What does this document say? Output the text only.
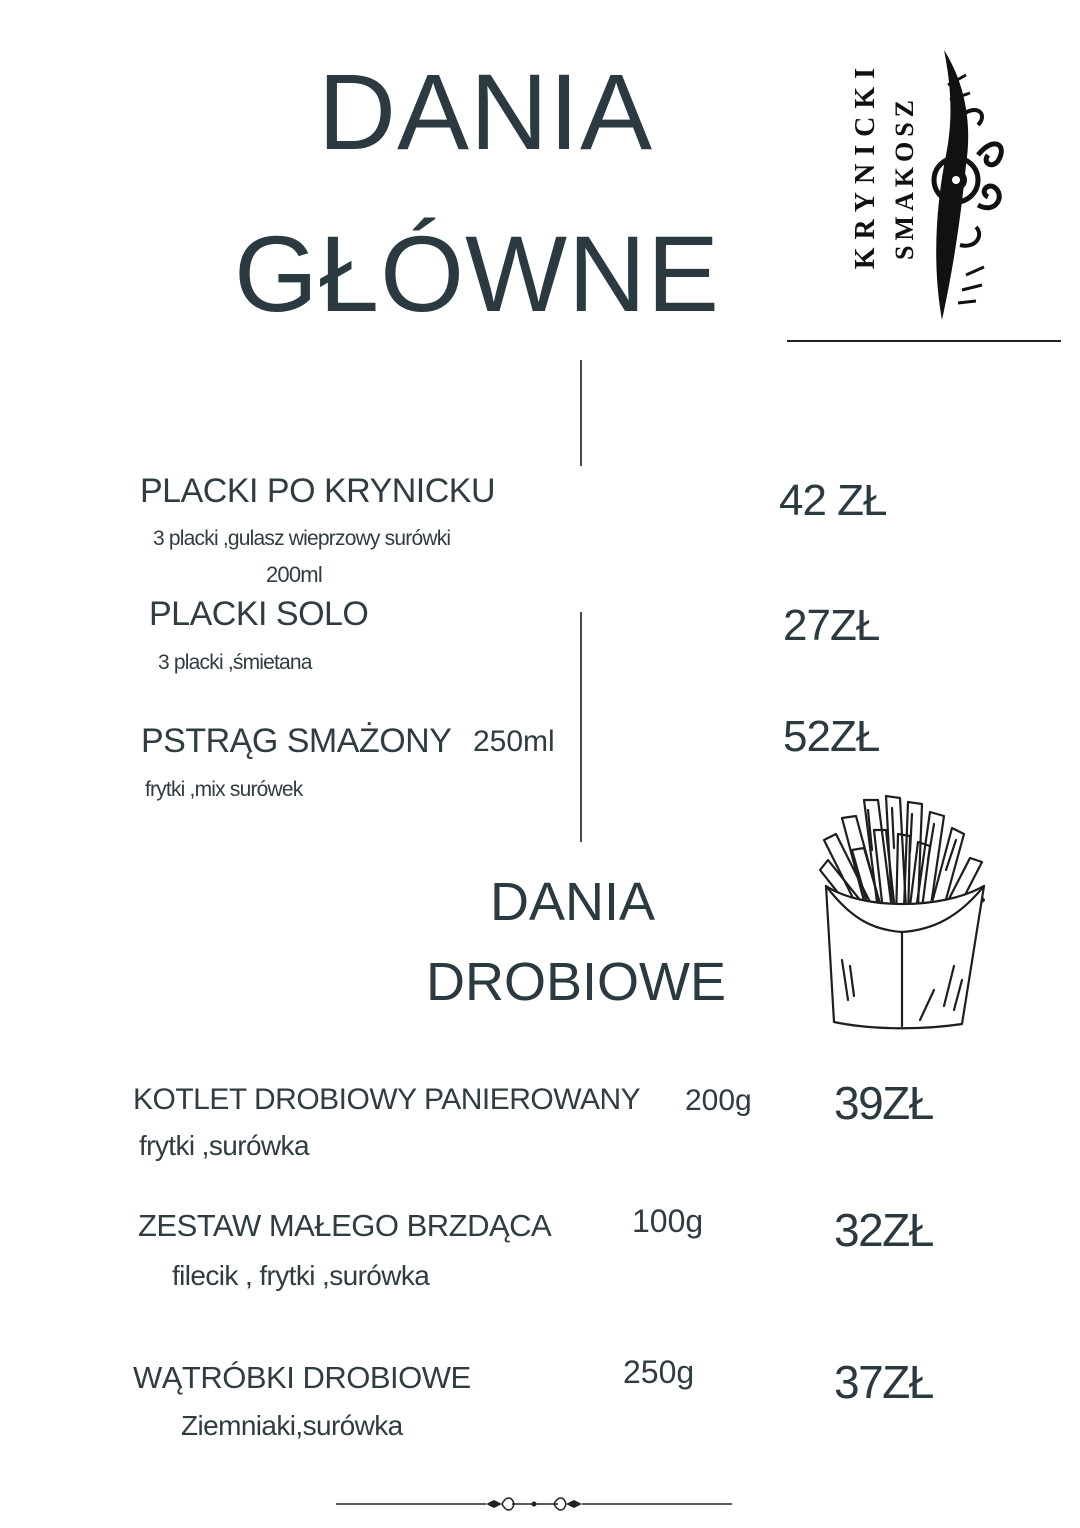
DANIA
GŁÓWNE
KRYNICKI SMAKOSZ
PLACKI PO KRYNICKU
3 placki ,gulasz wieprzowy surówki
200ml
42 ZŁ
PLACKI SOLO
3 placki ,śmietana
27ZŁ
PSTRĄG SMAŻONY 250ml
frytki ,mix surówek
52ZŁ
DANIA
DROBIOWE
KOTLET DROBIOWY PANIEROWANY 200g
frytki ,surówka
39ZŁ
ZESTAW MAŁEGO BRZDĄCA	100g
filecik , frytki ,surówka
32ZŁ
WĄTRÓBKI DROBIOWE	250g
Ziemniaki,surówka
37ZŁ
